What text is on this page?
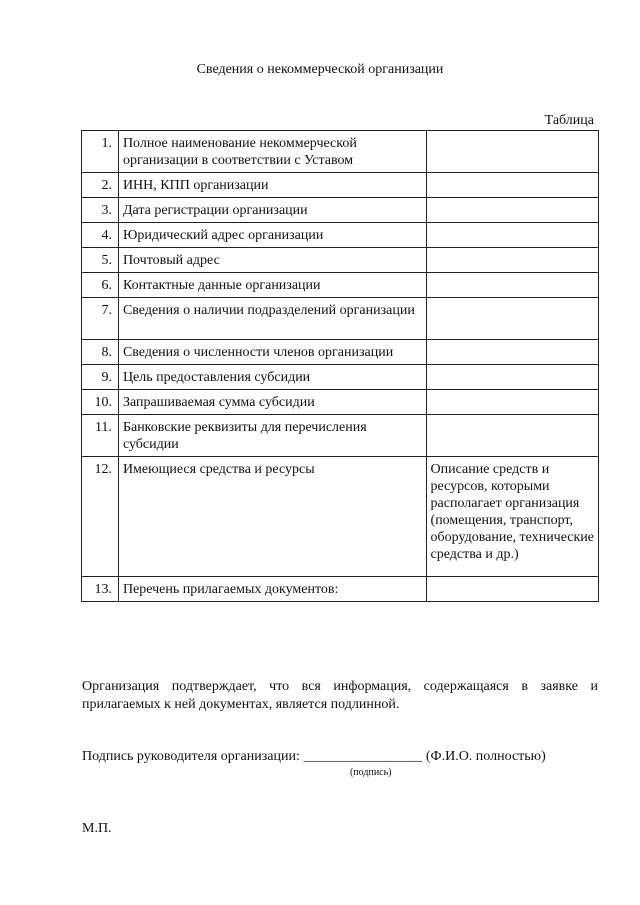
Сведения о некоммерческой организации
Таблица
1.	Полное наименование некоммерческой организации в соответствии с Уставом	
2.	ИНН, КПП организации	
3.	Дата регистрации организации	
4.	Юридический адрес организации	
5.	Почтовый адрес	
6.	Контактные данные организации	
7.	Сведения о наличии подразделений организации	
8.	Сведения о численности членов организации	
9.	Цель предоставления субсидии	
10.	Запрашиваемая сумма субсидии	
11.	Банковские реквизиты для перечисления субсидии	
12.	Имеющиеся средства и ресурсы	Описание средств и ресурсов, которыми располагает организация (помещения, транспорт, оборудование, технические средства и др.)
13.	Перечень прилагаемых документов:	
Организация подтверждает, что вся информация, содержащаяся в заявке и прилагаемых к ней документах, является подлинной.
Подпись руководителя организации: _________________ (Ф.И.О. полностью)
(подпись)
М.П.
